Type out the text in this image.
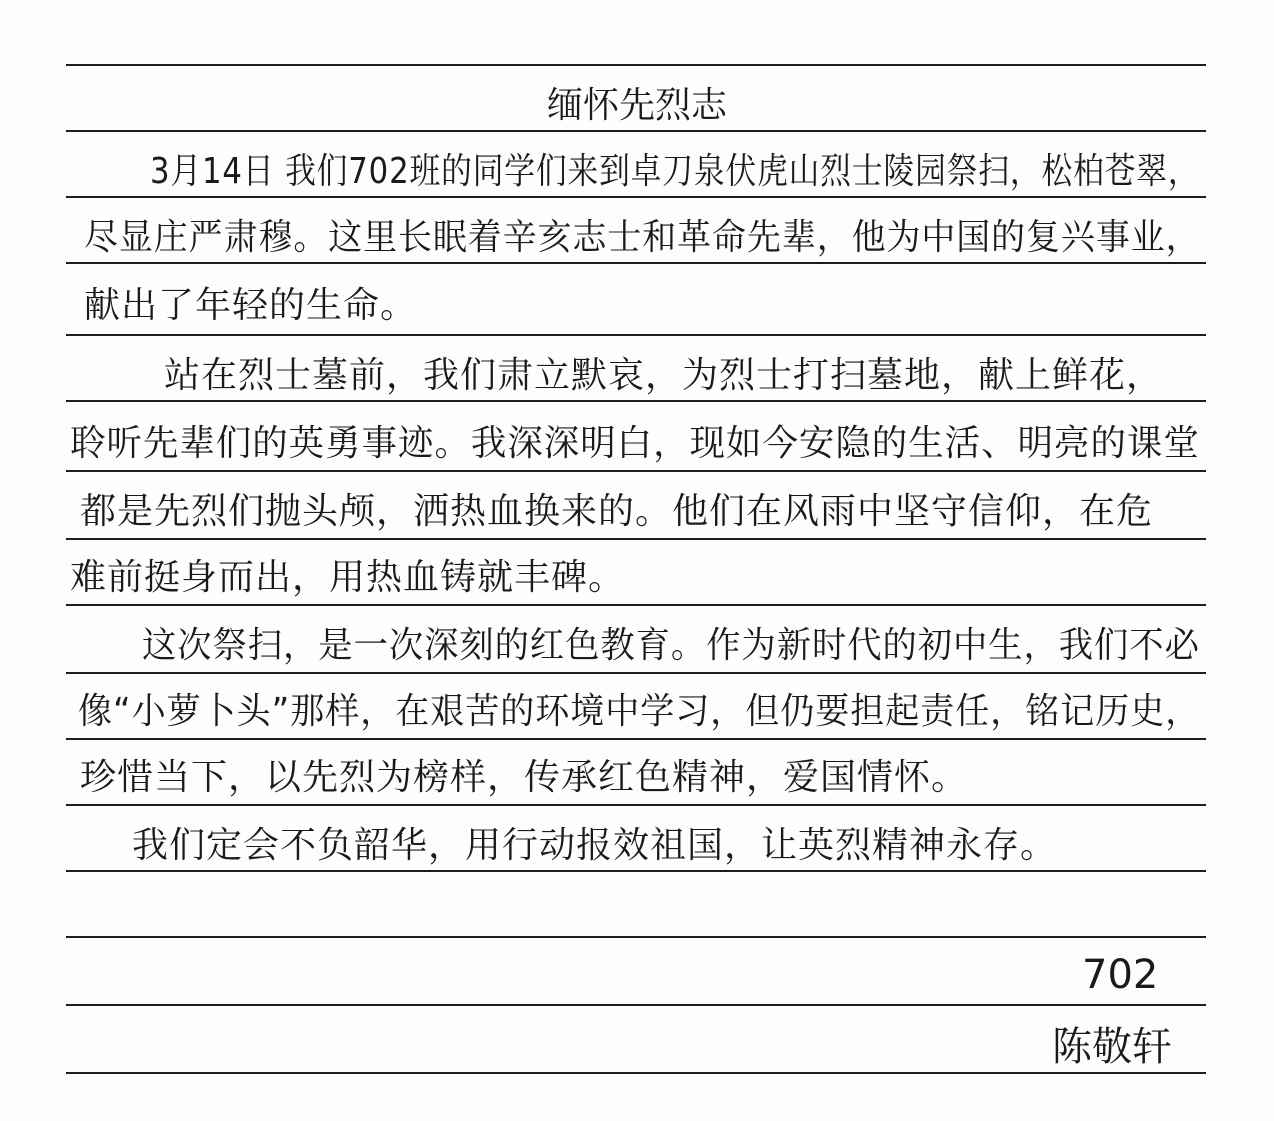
缅怀先烈志
3月14日 我们702班的同学们来到卓刀泉伏虎山烈士陵园祭扫，松柏苍翠，
尽显庄严肃穆。这里长眠着辛亥志士和革命先辈，他为中国的复兴事业，
献出了年轻的生命。
站在烈士墓前，我们肃立默哀，为烈士打扫墓地，献上鲜花，
聆听先辈们的英勇事迹。我深深明白，现如今安隐的生活、明亮的课堂
都是先烈们抛头颅，洒热血换来的。他们在风雨中坚守信仰，在危
难前挺身而出，用热血铸就丰碑。
这次祭扫，是一次深刻的红色教育。作为新时代的初中生，我们不必
像“小萝卜头”那样，在艰苦的环境中学习，但仍要担起责任，铭记历史，
珍惜当下，以先烈为榜样，传承红色精神，爱国情怀。
我们定会不负韶华，用行动报效祖国，让英烈精神永存。
702
陈敬轩
